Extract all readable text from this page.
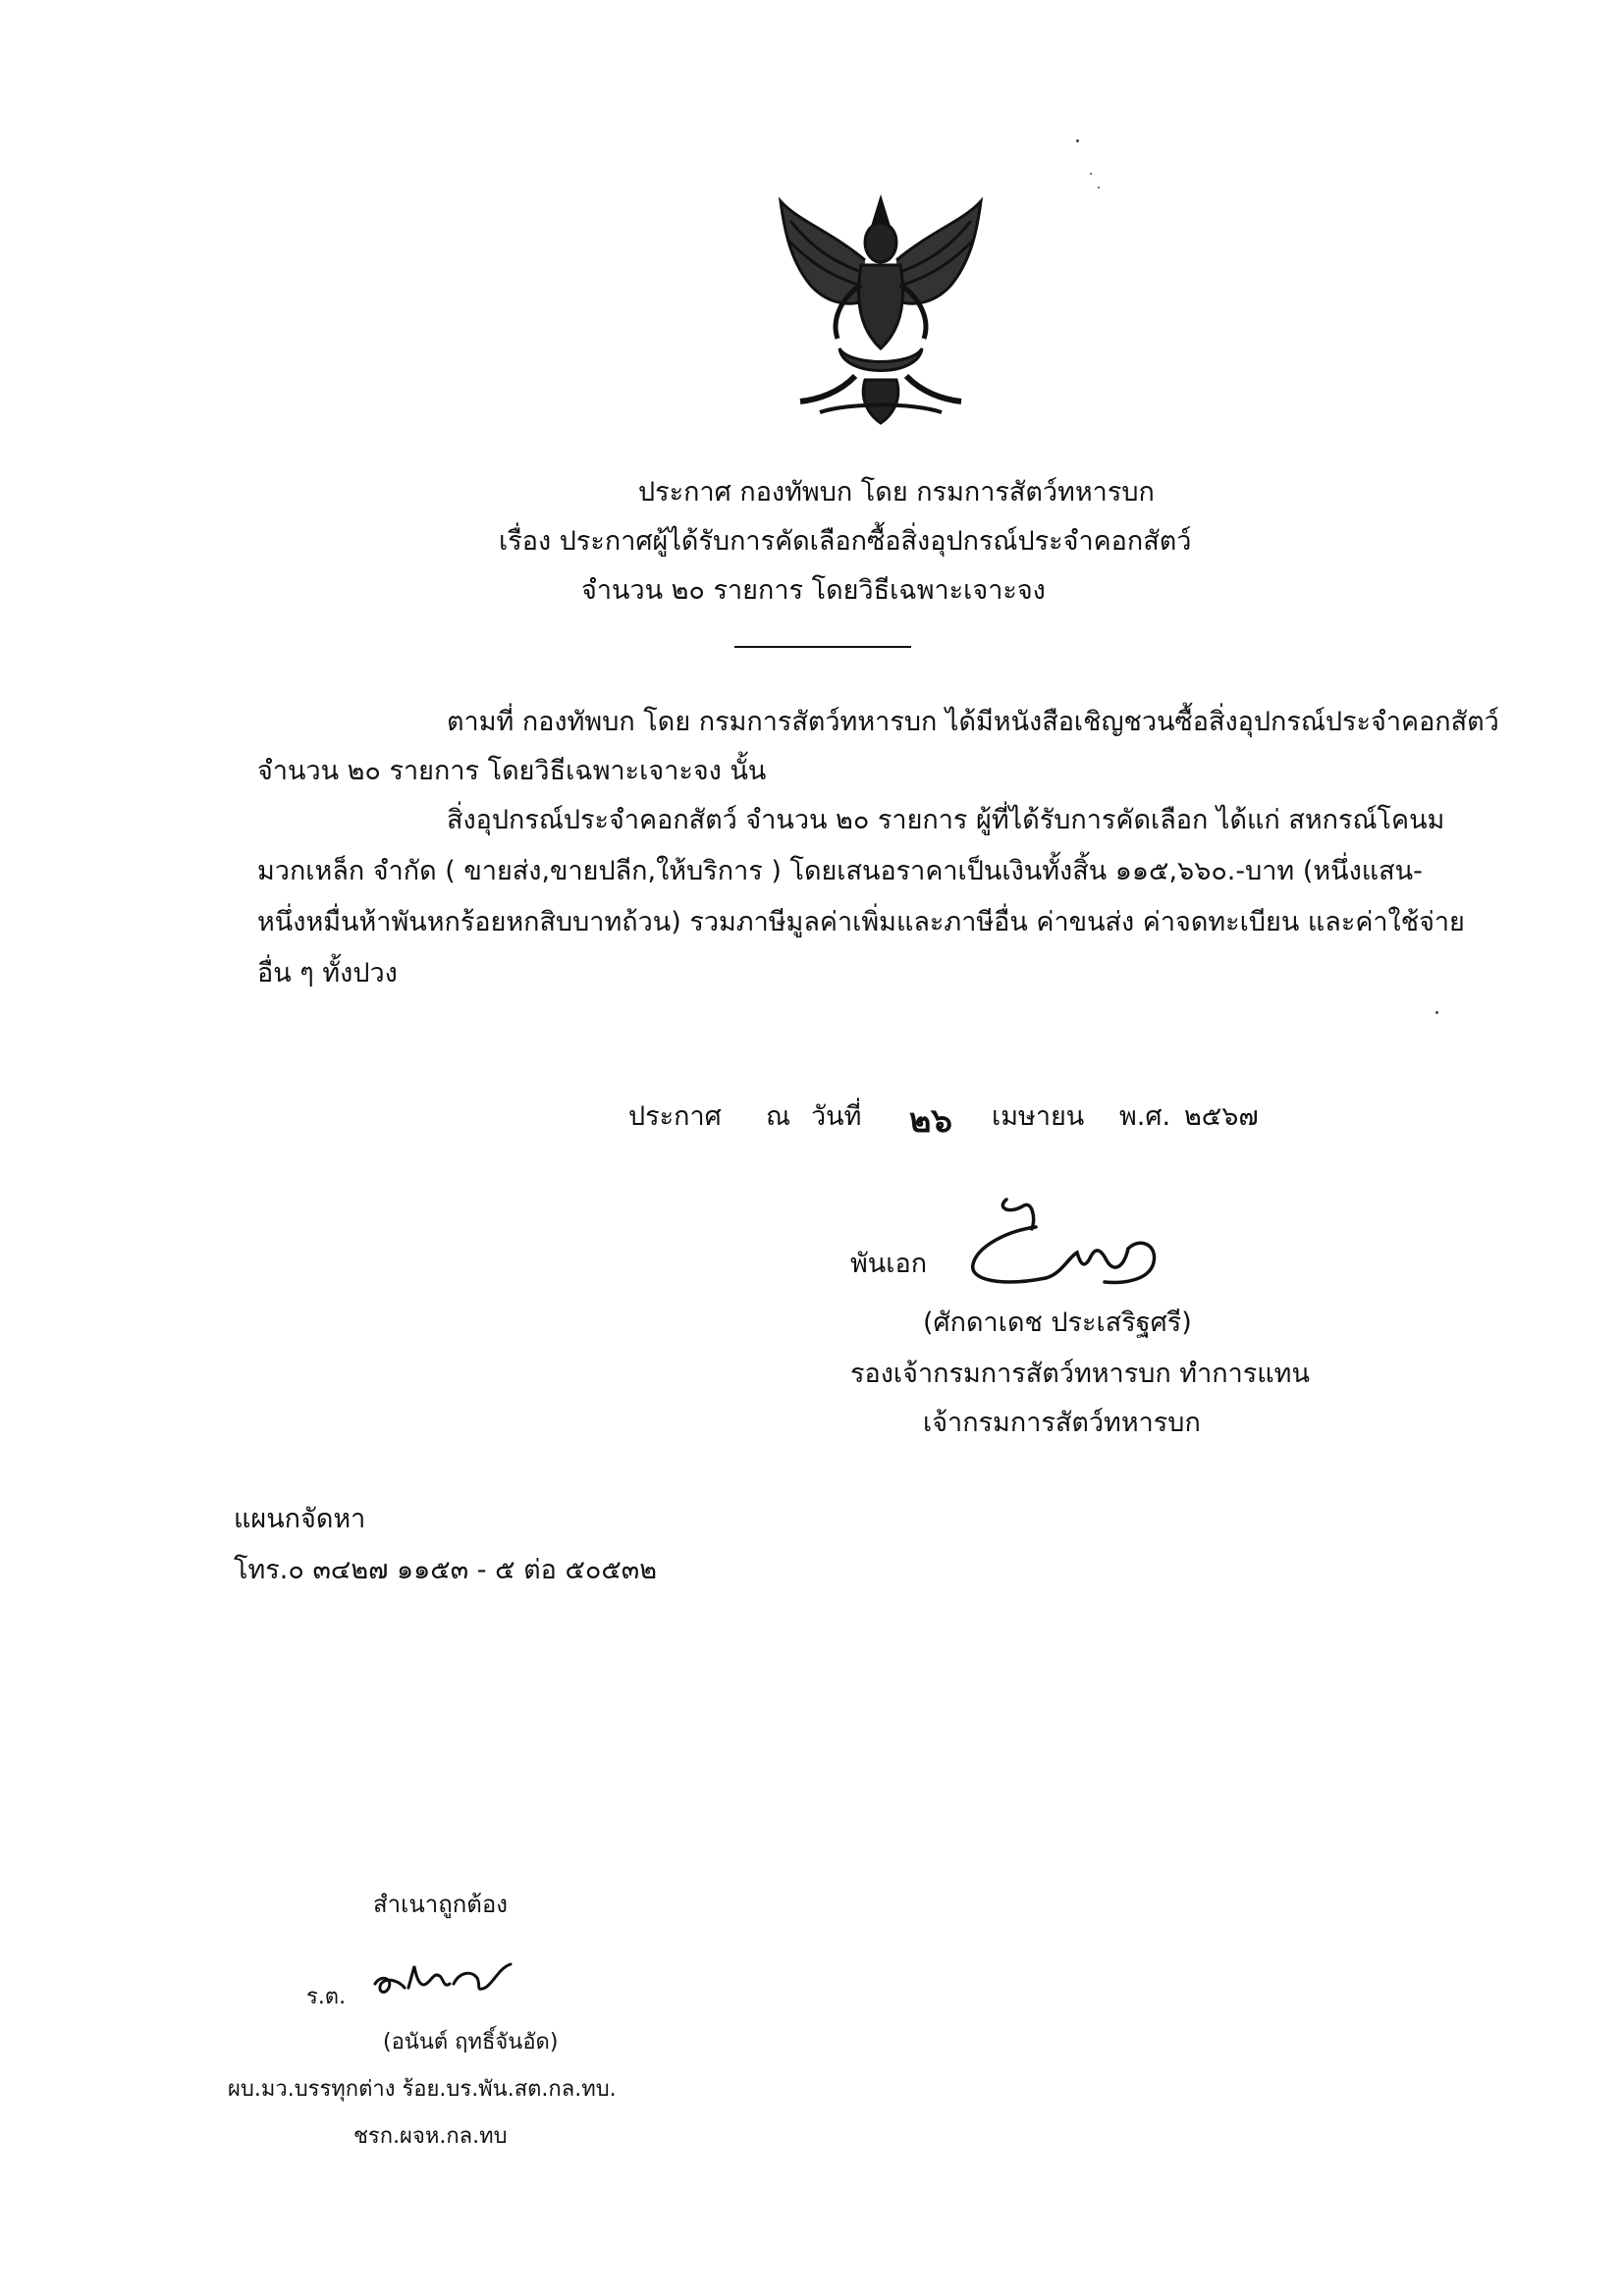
ประกาศ กองทัพบก โดย กรมการสัตว์ทหารบก
เรื่อง ประกาศผู้ได้รับการคัดเลือกซื้อสิ่งอุปกรณ์ประจำคอกสัตว์
จำนวน ๒๐ รายการ โดยวิธีเฉพาะเจาะจง
ตามที่ กองทัพบก โดย กรมการสัตว์ทหารบก ได้มีหนังสือเชิญชวนซื้อสิ่งอุปกรณ์ประจำคอกสัตว์
จำนวน ๒๐ รายการ โดยวิธีเฉพาะเจาะจง นั้น
สิ่งอุปกรณ์ประจำคอกสัตว์ จำนวน ๒๐ รายการ ผู้ที่ได้รับการคัดเลือก ได้แก่ สหกรณ์โคนม
มวกเหล็ก จำกัด ( ขายส่ง,ขายปลีก,ให้บริการ ) โดยเสนอราคาเป็นเงินทั้งสิ้น ๑๑๕,๖๖๐.-บาท (หนึ่งแสน-
หนึ่งหมื่นห้าพันหกร้อยหกสิบบาทถ้วน) รวมภาษีมูลค่าเพิ่มและภาษีอื่น ค่าขนส่ง ค่าจดทะเบียน และค่าใช้จ่าย
อื่น ๆ ทั้งปวง
ประกาศ ณ วันที่ ๒๖ เมษายน พ.ศ. ๒๕๖๗
พันเอก
(ศักดาเดช ประเสริฐศรี)
รองเจ้ากรมการสัตว์ทหารบก ทำการแทน
เจ้ากรมการสัตว์ทหารบก
แผนกจัดหา
โทร.๐ ๓๔๒๗ ๑๑๕๓ - ๕ ต่อ ๕๐๕๓๒
สำเนาถูกต้อง
ร.ต.
(อนันต์ ฤทธิ์จันอัด)
ผบ.มว.บรรทุกต่าง ร้อย.บร.พัน.สต.กล.ทบ.
ชรก.ผจห.กล.ทบ
